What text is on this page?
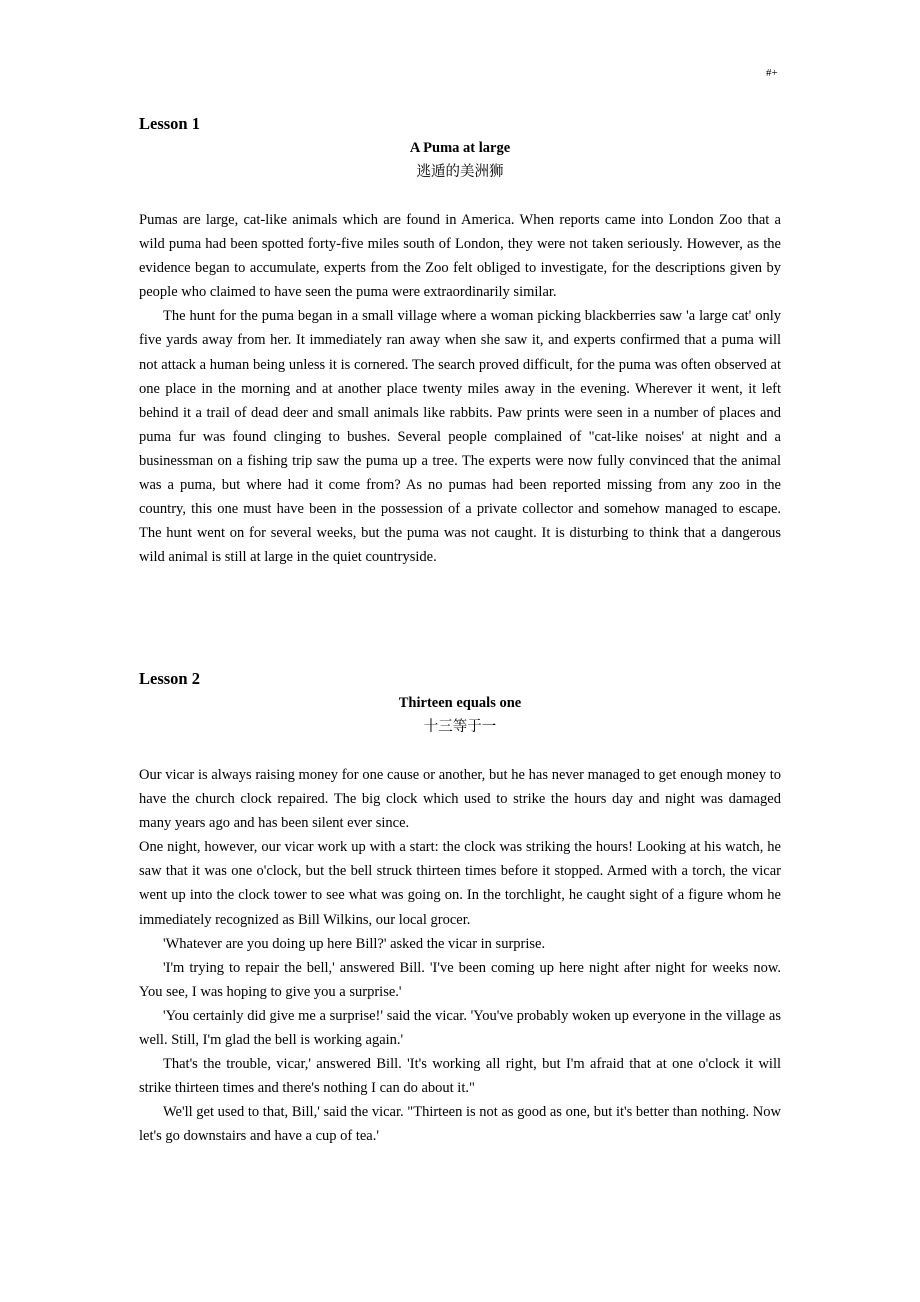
#+
Lesson 1
A Puma at large
逃遁的美洲狮

Pumas are large, cat-like animals which are found in America. When reports came into London Zoo that a wild puma had been spotted forty-five miles south of London, they were not taken seriously. However, as the evidence began to accumulate, experts from the Zoo felt obliged to investigate, for the descriptions given by people who claimed to have seen the puma were extraordinarily similar.

The hunt for the puma began in a small village where a woman picking blackberries saw 'a large cat' only five yards away from her. It immediately ran away when she saw it, and experts confirmed that a puma will not attack a human being unless it is cornered. The search proved difficult, for the puma was often observed at one place in the morning and at another place twenty miles away in the evening. Wherever it went, it left behind it a trail of dead deer and small animals like rabbits. Paw prints were seen in a number of places and puma fur was found clinging to bushes. Several people complained of "cat-like noises' at night and a businessman on a fishing trip saw the puma up a tree. The experts were now fully convinced that the animal was a puma, but where had it come from? As no pumas had been reported missing from any zoo in the country, this one must have been in the possession of a private collector and somehow managed to escape. The hunt went on for several weeks, but the puma was not caught. It is disturbing to think that a dangerous wild animal is still at large in the quiet countryside.

Lesson 2
Thirteen equals one
十三等于一

Our vicar is always raising money for one cause or another, but he has never managed to get enough money to have the church clock repaired. The big clock which used to strike the hours day and night was damaged many years ago and has been silent ever since.

One night, however, our vicar work up with a start: the clock was striking the hours! Looking at his watch, he saw that it was one o'clock, but the bell struck thirteen times before it stopped. Armed with a torch, the vicar went up into the clock tower to see what was going on. In the torchlight, he caught sight of a figure whom he immediately recognized as Bill Wilkins, our local grocer.

'Whatever are you doing up here Bill?' asked the vicar in surprise.

'I'm trying to repair the bell,' answered Bill. 'I've been coming up here night after night for weeks now. You see, I was hoping to give you a surprise.'

'You certainly did give me a surprise!' said the vicar. 'You've probably woken up everyone in the village as well. Still, I'm glad the bell is working again.'

That's the trouble, vicar,' answered Bill. 'It's working all right, but I'm afraid that at one o'clock it will strike thirteen times and there's nothing I can do about it."

We'll get used to that, Bill,' said the vicar. "Thirteen is not as good as one, but it's better than nothing. Now let's go downstairs and have a cup of tea.'
